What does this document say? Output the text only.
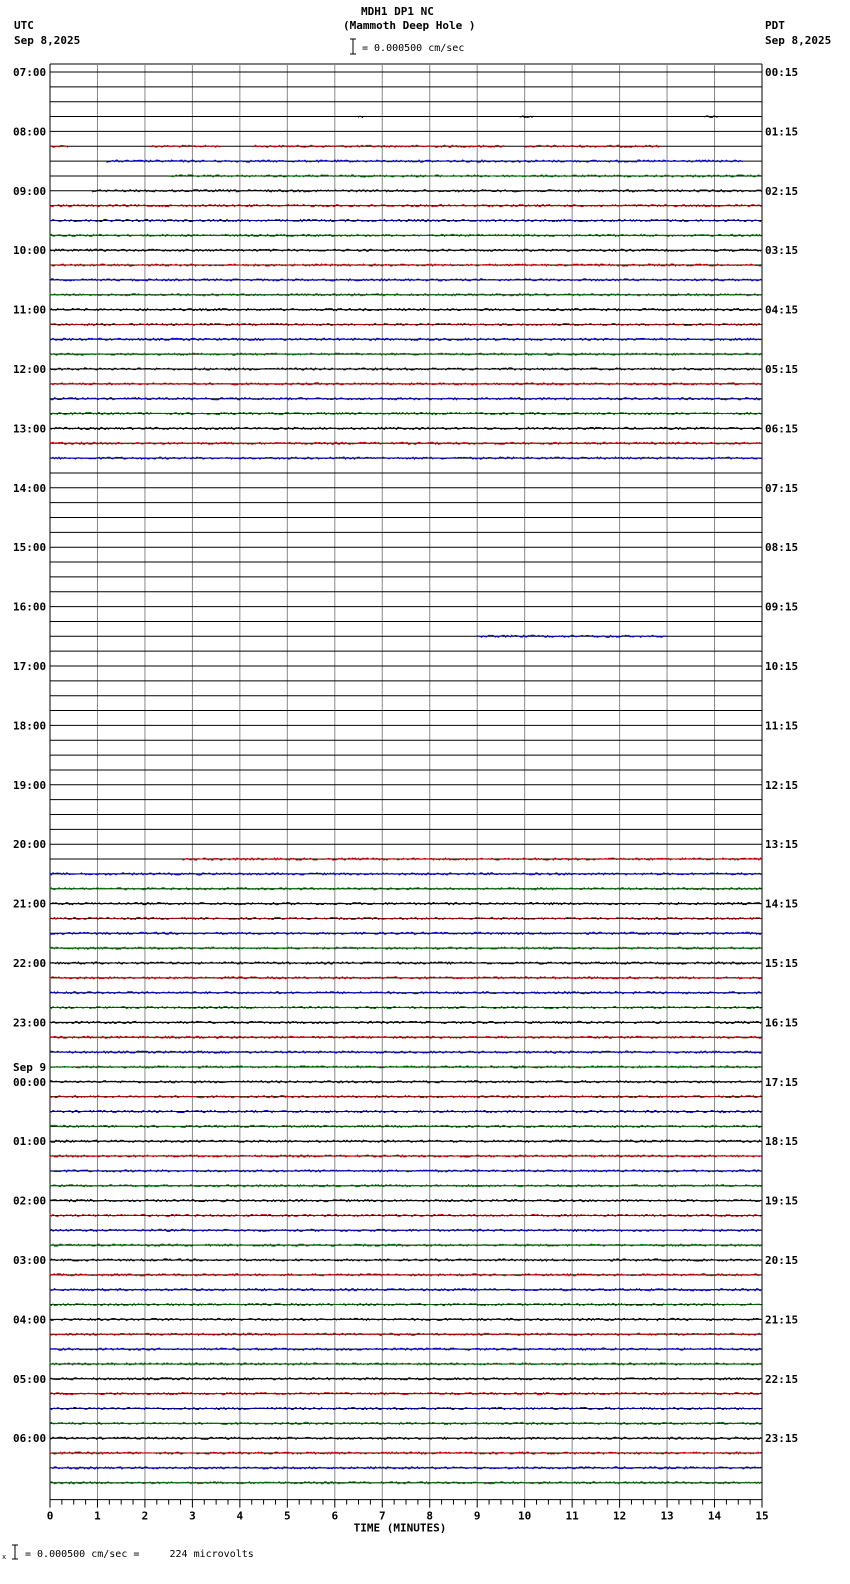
MDH1 DP1 NC
(Mammoth Deep Hole )
UTC
Sep 8,2025
PDT
Sep 8,2025
= 0.000500 cm/sec
0	1	2	3	4	5	6	7	8	9	10	11	12	13	14	15
TIME (MINUTES)
07:00
08:00
09:00
10:00
11:00
12:00
13:00
14:00
15:00
16:00
17:00
18:00
19:00
20:00
21:00
22:00
23:00
00:00
01:00
02:00
03:00
04:00
05:00
06:00
00:15
01:15
02:15
03:15
04:15
05:15
06:15
07:15
08:15
09:15
10:15
11:15
12:15
13:15
14:15
15:15
16:15
17:15
18:15
19:15
20:15
21:15
22:15
23:15
Sep 9
x = 0.000500 cm/sec =     224 microvolts
